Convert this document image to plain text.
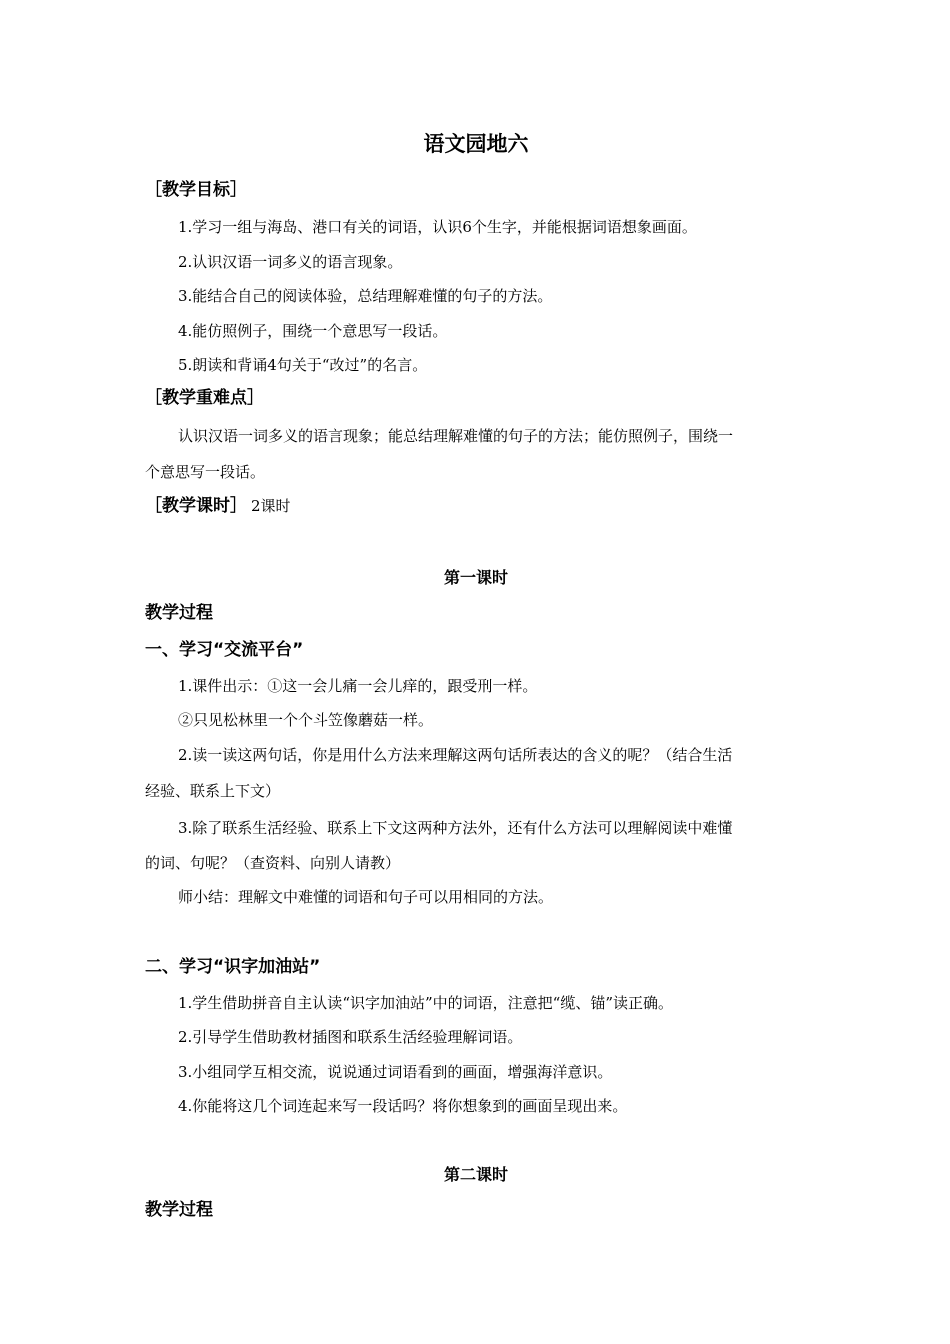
语文园地六
［教学目标］
1.学习一组与海岛、港口有关的词语，认识6个生字，并能根据词语想象画面。
2.认识汉语一词多义的语言现象。
3.能结合自己的阅读体验，总结理解难懂的句子的方法。
4.能仿照例子，围绕一个意思写一段话。
5.朗读和背诵4句关于“改过”的名言。
［教学重难点］
认识汉语一词多义的语言现象；能总结理解难懂的句子的方法；能仿照例子，围绕一
个意思写一段话。
［教学课时］ 2课时
第一课时
教学过程
一、学习“交流平台”
1.课件出示：①这一会儿痛一会儿痒的，跟受刑一样。
②只见松林里一个个斗笠像蘑菇一样。
2.读一读这两句话，你是用什么方法来理解这两句话所表达的含义的呢？（结合生活
经验、联系上下文）
3.除了联系生活经验、联系上下文这两种方法外，还有什么方法可以理解阅读中难懂
的词、句呢？（查资料、向别人请教）
师小结：理解文中难懂的词语和句子可以用相同的方法。
二、学习“识字加油站”
1.学生借助拼音自主认读“识字加油站”中的词语，注意把“缆、锚”读正确。
2.引导学生借助教材插图和联系生活经验理解词语。
3.小组同学互相交流，说说通过词语看到的画面，增强海洋意识。
4.你能将这几个词连起来写一段话吗？将你想象到的画面呈现出来。
第二课时
教学过程
